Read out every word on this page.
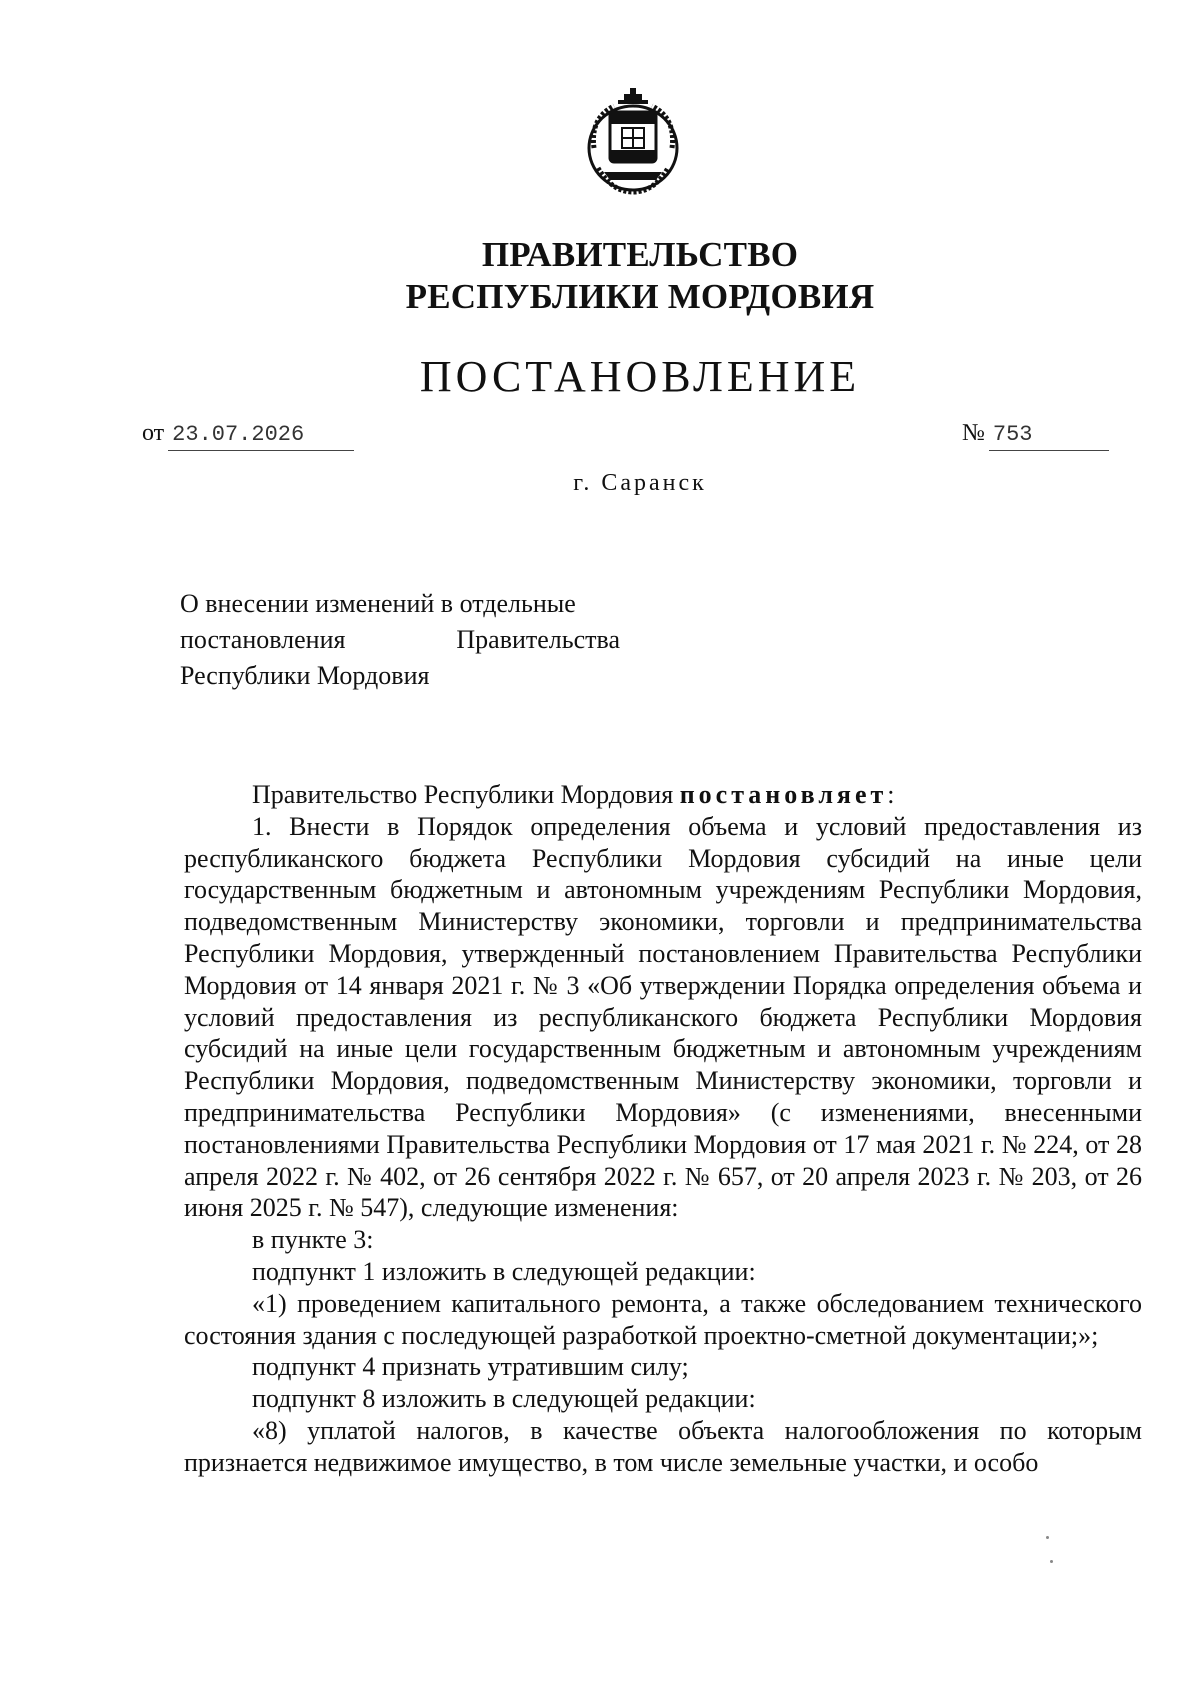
ПРАВИТЕЛЬСТВО
РЕСПУБЛИКИ МОРДОВИЯ
ПОСТАНОВЛЕНИЕ
от 23.07.2026	№ 753
г. Саранск
О внесении изменений в отдельные
постановления	Правительства
Республики Мордовия

Правительство Республики Мордовия постановляет:

1. Внести в Порядок определения объема и условий предоставления из республиканского бюджета Республики Мордовия субсидий на иные цели государственным бюджетным и автономным учреждениям Республики Мордовия, подведомственным Министерству экономики, торговли и предпринимательства Республики Мордовия, утвержденный постановлением Правительства Республики Мордовия от 14 января 2021 г. № 3 «Об утверждении Порядка определения объема и условий предоставления из республиканского бюджета Республики Мордовия субсидий на иные цели государственным бюджетным и автономным учреждениям Республики Мордовия, подведомственным Министерству экономики, торговли и предпринимательства Республики Мордовия» (с изменениями, внесенными постановлениями Правительства Республики Мордовия от 17 мая 2021 г. № 224, от 28 апреля 2022 г. № 402, от 26 сентября 2022 г. № 657, от 20 апреля 2023 г. № 203, от 26 июня 2025 г. № 547), следующие изменения:

в пункте 3:

подпункт 1 изложить в следующей редакции:

«1) проведением капитального ремонта, а также обследованием технического состояния здания с последующей разработкой проектно-сметной документации;»;

подпункт 4 признать утратившим силу;

подпункт 8 изложить в следующей редакции:

«8) уплатой налогов, в качестве объекта налогообложения по которым признается недвижимое имущество, в том числе земельные участки, и особо
